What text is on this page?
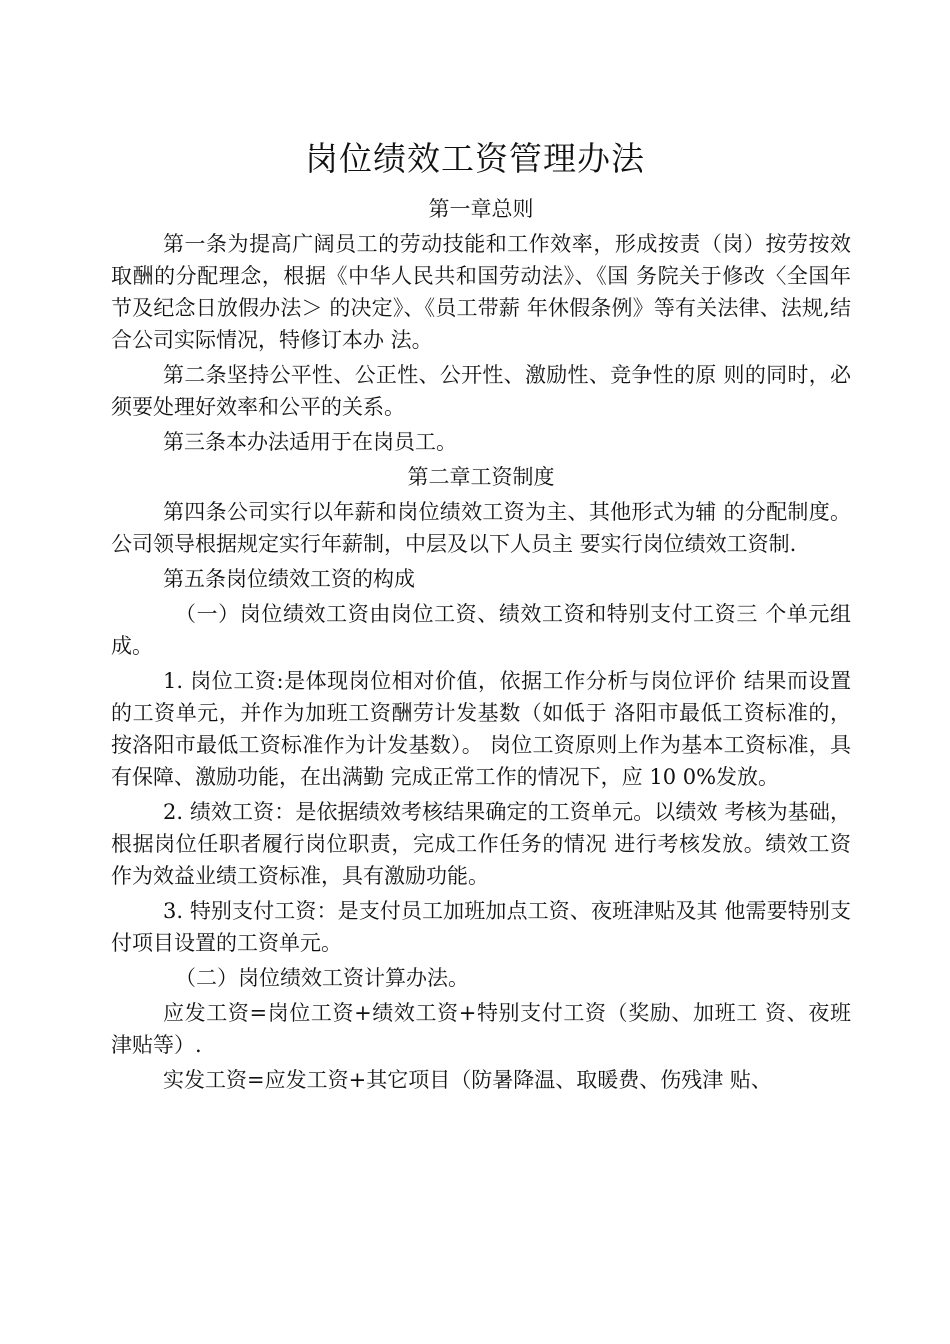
岗位绩效工资管理办法

第一章总则

第一条为提高广阔员工的劳动技能和工作效率，形成按责（岗）按劳按效取酬的分配理念，根据《中华人民共和国劳动法》、《国 务院关于修改〈全国年节及纪念日放假办法＞ 的决定》、《员工带薪 年休假条例》等有关法律、法规,结合公司实际情况，特修订本办 法。

第二条坚持公平性、公正性、公开性、激励性、竞争性的原 则的同时，必须要处理好效率和公平的关系。

第三条本办法适用于在岗员工。

第二章工资制度

第四条公司实行以年薪和岗位绩效工资为主、其他形式为辅 的分配制度。公司领导根据规定实行年薪制，中层及以下人员主 要实行岗位绩效工资制.

第五条岗位绩效工资的构成

（一）岗位绩效工资由岗位工资、绩效工资和特别支付工资三 个单元组成。

1. 岗位工资:是体现岗位相对价值，依据工作分析与岗位评价 结果而设置的工资单元，并作为加班工资酬劳计发基数（如低于 洛阳市最低工资标准的，按洛阳市最低工资标准作为计发基数）。 岗位工资原则上作为基本工资标准，具有保障、激励功能，在出满勤 完成正常工作的情况下，应 10 0%发放。

2. 绩效工资：是依据绩效考核结果确定的工资单元。以绩效 考核为基础，根据岗位任职者履行岗位职责，完成工作任务的情况 进行考核发放。绩效工资作为效益业绩工资标准，具有激励功能。

3. 特别支付工资：是支付员工加班加点工资、夜班津贴及其 他需要特别支付项目设置的工资单元。

（二）岗位绩效工资计算办法。

应发工资=岗位工资+绩效工资+特别支付工资（奖励、加班工 资、夜班津贴等）.

实发工资=应发工资+其它项目（防暑降温、取暖费、伤残津 贴、
